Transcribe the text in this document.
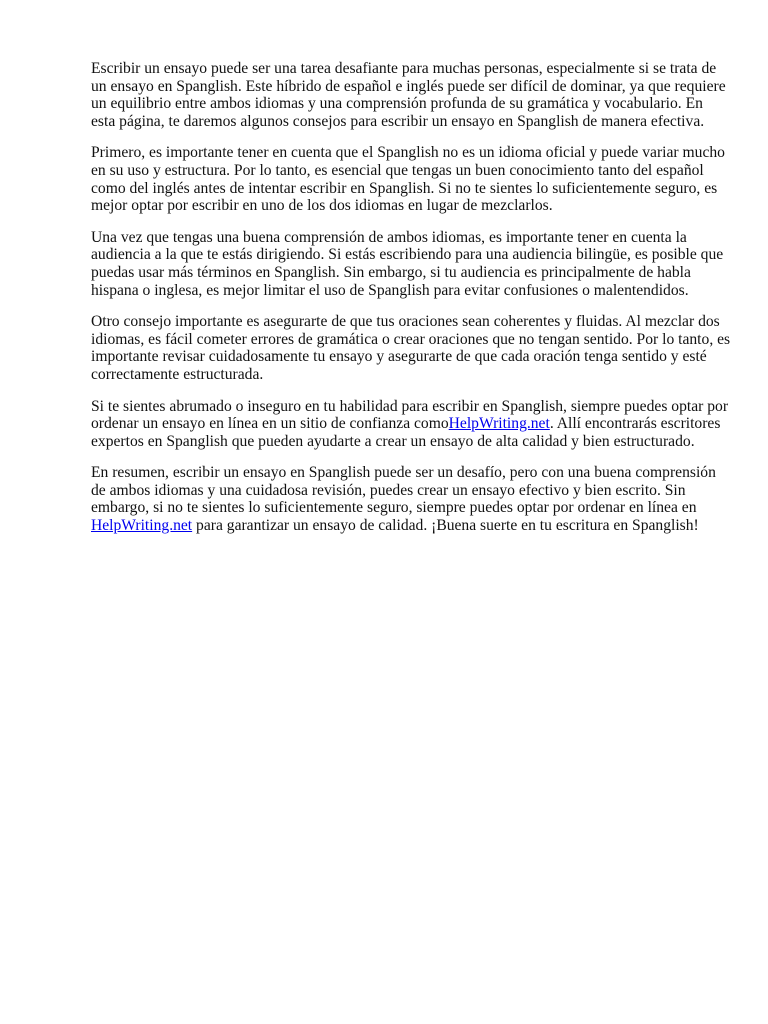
Escribir un ensayo puede ser una tarea desafiante para muchas personas, especialmente si se trata de un ensayo en Spanglish. Este híbrido de español e inglés puede ser difícil de dominar, ya que requiere un equilibrio entre ambos idiomas y una comprensión profunda de su gramática y vocabulario. En esta página, te daremos algunos consejos para escribir un ensayo en Spanglish de manera efectiva.

Primero, es importante tener en cuenta que el Spanglish no es un idioma oficial y puede variar mucho en su uso y estructura. Por lo tanto, es esencial que tengas un buen conocimiento tanto del español como del inglés antes de intentar escribir en Spanglish. Si no te sientes lo suficientemente seguro, es mejor optar por escribir en uno de los dos idiomas en lugar de mezclarlos.

Una vez que tengas una buena comprensión de ambos idiomas, es importante tener en cuenta la audiencia a la que te estás dirigiendo. Si estás escribiendo para una audiencia bilingüe, es posible que puedas usar más términos en Spanglish. Sin embargo, si tu audiencia es principalmente de habla hispana o inglesa, es mejor limitar el uso de Spanglish para evitar confusiones o malentendidos.

Otro consejo importante es asegurarte de que tus oraciones sean coherentes y fluidas. Al mezclar dos idiomas, es fácil cometer errores de gramática o crear oraciones que no tengan sentido. Por lo tanto, es importante revisar cuidadosamente tu ensayo y asegurarte de que cada oración tenga sentido y esté correctamente estructurada.

Si te sientes abrumado o inseguro en tu habilidad para escribir en Spanglish, siempre puedes optar por ordenar un ensayo en línea en un sitio de confianza comoHelpWriting.net. Allí encontrarás escritores expertos en Spanglish que pueden ayudarte a crear un ensayo de alta calidad y bien estructurado.

En resumen, escribir un ensayo en Spanglish puede ser un desafío, pero con una buena comprensión de ambos idiomas y una cuidadosa revisión, puedes crear un ensayo efectivo y bien escrito. Sin embargo, si no te sientes lo suficientemente seguro, siempre puedes optar por ordenar en línea en HelpWriting.net para garantizar un ensayo de calidad. ¡Buena suerte en tu escritura en Spanglish!
